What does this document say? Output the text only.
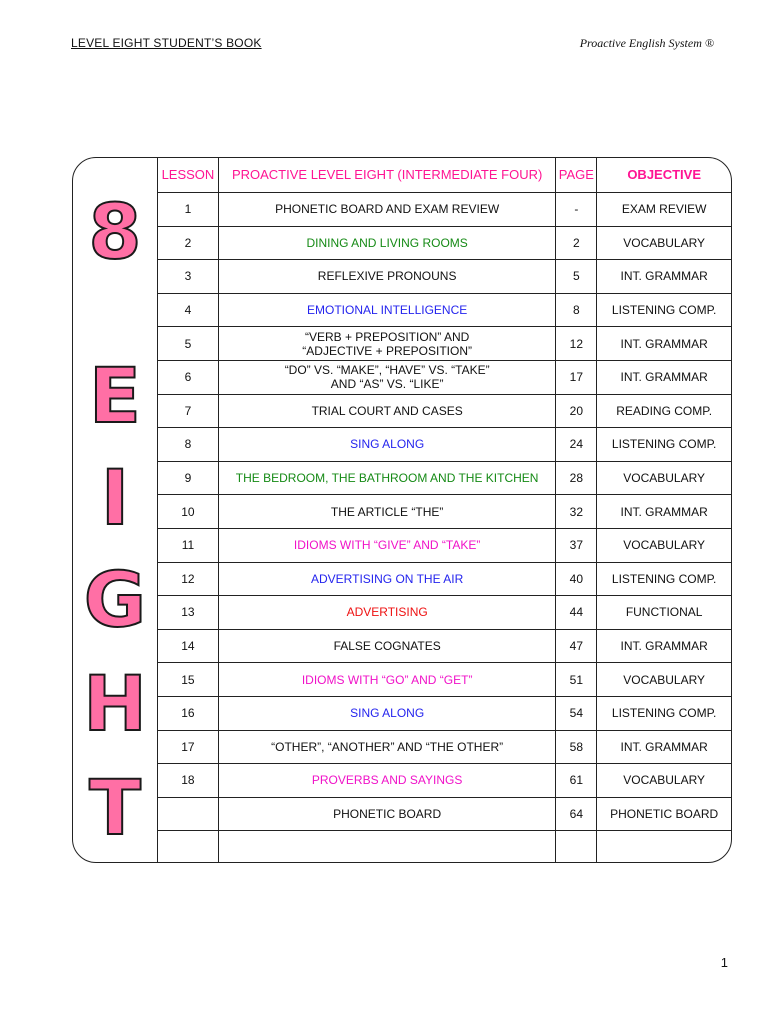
LEVEL EIGHT STUDENT’S BOOK	Proactive English System ®
8
E
I
G
H
T
LESSON	PROACTIVE LEVEL EIGHT (INTERMEDIATE FOUR)	PAGE	OBJECTIVE
1	PHONETIC BOARD AND EXAM REVIEW	-	EXAM REVIEW
2	DINING AND LIVING ROOMS	2	VOCABULARY
3	REFLEXIVE PRONOUNS	5	INT. GRAMMAR
4	EMOTIONAL INTELLIGENCE	8	LISTENING COMP.
5	“VERB + PREPOSITION” AND
“ADJECTIVE + PREPOSITION”	12	INT. GRAMMAR
6	“DO” VS. “MAKE”, “HAVE” VS. “TAKE”
AND “AS” VS. “LIKE”	17	INT. GRAMMAR
7	TRIAL COURT AND CASES	20	READING COMP.
8	SING ALONG	24	LISTENING COMP.
9	THE BEDROOM, THE BATHROOM AND THE KITCHEN	28	VOCABULARY
10	THE ARTICLE “THE”	32	INT. GRAMMAR
11	IDIOMS WITH “GIVE” AND “TAKE”	37	VOCABULARY
12	ADVERTISING ON THE AIR	40	LISTENING COMP.
13	ADVERTISING	44	FUNCTIONAL
14	FALSE COGNATES	47	INT. GRAMMAR
15	IDIOMS WITH “GO” AND “GET”	51	VOCABULARY
16	SING ALONG	54	LISTENING COMP.
17	“OTHER”, “ANOTHER” AND “THE OTHER”	58	INT. GRAMMAR
18	PROVERBS AND SAYINGS	61	VOCABULARY

	PHONETIC BOARD	64	PHONETIC BOARD

1
